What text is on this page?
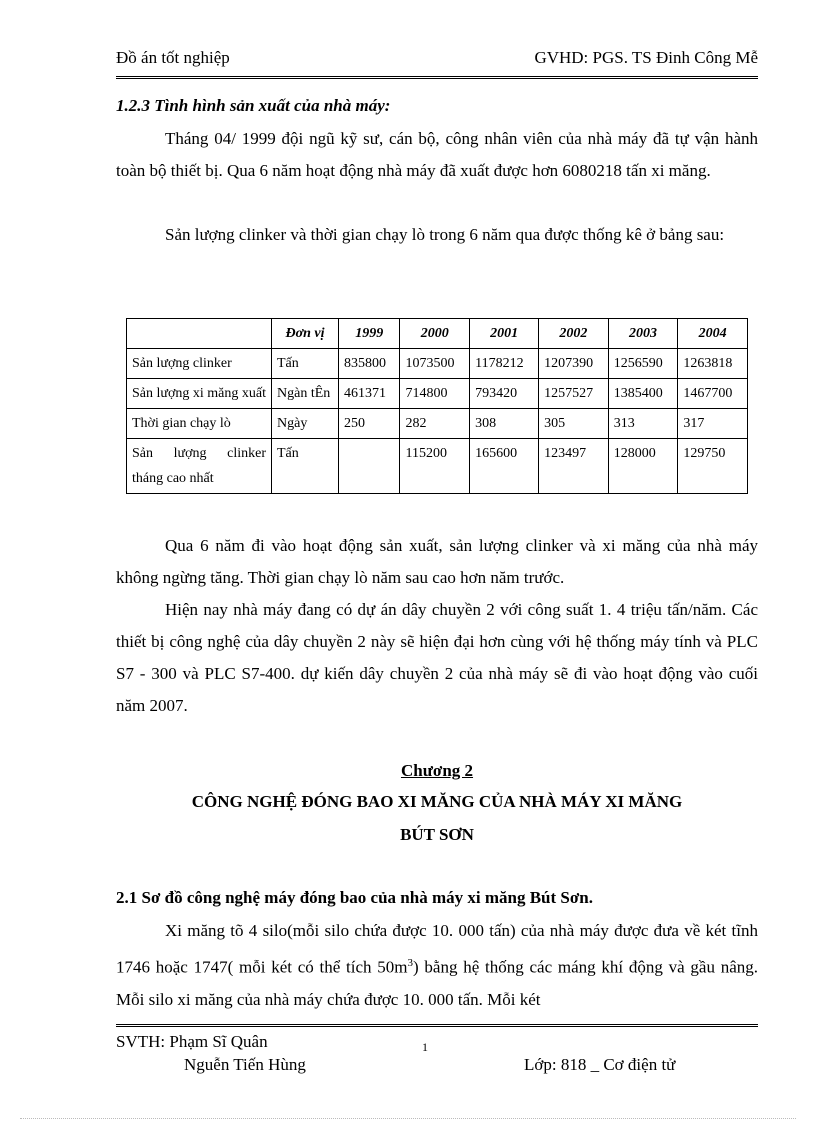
Đồ án tốt nghiệp	GVHD: PGS. TS Đinh Công Mễ
1.2.3 Tình hình sản xuất của nhà máy:

Tháng 04/ 1999 đội ngũ kỹ sư, cán bộ, công nhân viên của nhà máy đã tự vận hành toàn bộ thiết bị. Qua 6 năm hoạt động nhà máy đã xuất được hơn 6080218 tấn xi măng.

Sản lượng clinker và thời gian chạy lò trong 6 năm qua được thống kê ở bảng sau:

	Đơn vị	1999	2000	2001	2002	2003	2004
Sản lượng clinker	Tấn	835800	1073500	1178212	1207390	1256590	1263818
Sản lượng xi măng xuất	Ngàn tÊn	461371	714800	793420	1257527	1385400	1467700
Thời gian chạy lò	Ngày	250	282	308	305	313	317
Sản lượng clinker tháng cao nhất	Tấn		115200	165600	123497	128000	129750

Qua 6 năm đi vào hoạt động sản xuất, sản lượng clinker và xi măng của nhà máy không ngừng tăng. Thời gian chạy lò năm sau cao hơn năm trước.

Hiện nay nhà máy đang có dự án dây chuyền 2 với công suất 1. 4 triệu tấn/năm. Các thiết bị công nghệ của dây chuyền 2 này sẽ hiện đại hơn cùng với hệ thống máy tính và PLC S7 - 300 và PLC S7-400. dự kiến dây chuyền 2 của nhà máy sẽ đi vào hoạt động vào cuối năm 2007.

Chương 2
CÔNG NGHỆ ĐÓNG BAO XI MĂNG CỦA NHÀ MÁY XI MĂNG
BÚT SƠN
2.1 Sơ đồ công nghệ máy đóng bao của nhà máy xi măng Bút Sơn.

Xi măng tõ 4 silo(mỗi silo chứa được 10. 000 tấn) của nhà máy được đưa về két tĩnh 1746 hoặc 1747( mỗi két có thể tích $50m^3$) bằng hệ thống các máng khí động và gầu nâng. Mỗi silo xi măng của nhà máy chứa được 10. 000 tấn. Mỗi két

SVTH: Phạm Sĩ Quân
Nguễn Tiến Hùng
1
Lớp: 818 _ Cơ điện tử
